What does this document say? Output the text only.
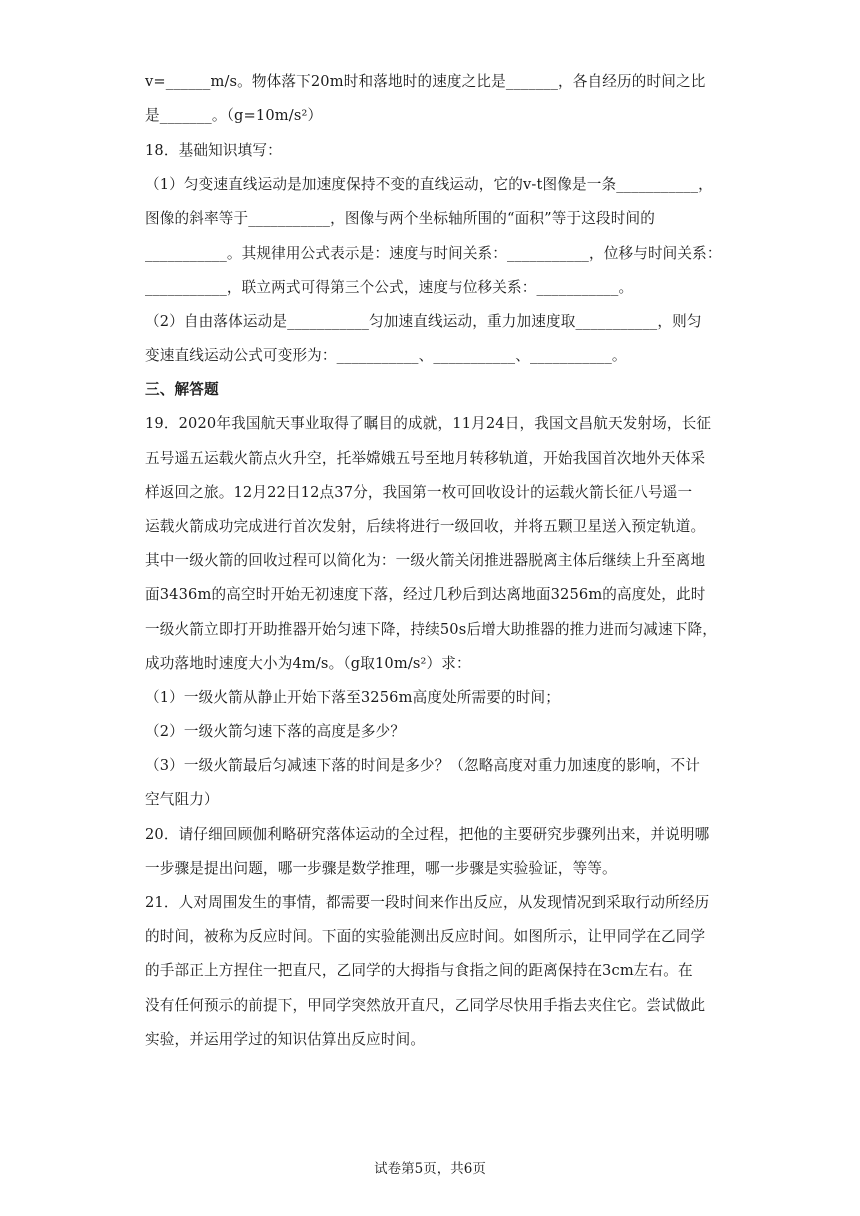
v=______m/s。物体落下20m时和落地时的速度之比是_______，各自经历的时间之比
是_______。（g=10m/s²）
18．基础知识填写：
（1）匀变速直线运动是加速度保持不变的直线运动，它的v-t图像是一条___________，
图像的斜率等于___________，图像与两个坐标轴所围的“面积”等于这段时间的
___________。其规律用公式表示是：速度与时间关系：___________，位移与时间关系：
___________，联立两式可得第三个公式，速度与位移关系：___________。
（2）自由落体运动是___________匀加速直线运动，重力加速度取___________，则匀
变速直线运动公式可变形为：___________、___________、___________。
三、解答题
19．2020年我国航天事业取得了瞩目的成就，11月24日，我国文昌航天发射场，长征
五号遥五运载火箭点火升空，托举嫦娥五号至地月转移轨道，开始我国首次地外天体采
样返回之旅。12月22日12点37分，我国第一枚可回收设计的运载火箭长征八号遥一
运载火箭成功完成进行首次发射，后续将进行一级回收，并将五颗卫星送入预定轨道。
其中一级火箭的回收过程可以简化为：一级火箭关闭推进器脱离主体后继续上升至离地
面3436m的高空时开始无初速度下落，经过几秒后到达离地面3256m的高度处，此时
一级火箭立即打开助推器开始匀速下降，持续50s后增大助推器的推力进而匀减速下降，
成功落地时速度大小为4m/s。（g取10m/s²）求：
（1）一级火箭从静止开始下落至3256m高度处所需要的时间；
（2）一级火箭匀速下落的高度是多少？
（3）一级火箭最后匀减速下落的时间是多少？（忽略高度对重力加速度的影响，不计
空气阻力）
20．请仔细回顾伽利略研究落体运动的全过程，把他的主要研究步骤列出来，并说明哪
一步骤是提出问题，哪一步骤是数学推理，哪一步骤是实验验证，等等。
21．人对周围发生的事情，都需要一段时间来作出反应，从发现情况到采取行动所经历
的时间，被称为反应时间。下面的实验能测出反应时间。如图所示，让甲同学在乙同学
的手部正上方捏住一把直尺，乙同学的大拇指与食指之间的距离保持在3cm左右。在
没有任何预示的前提下，甲同学突然放开直尺，乙同学尽快用手指去夹住它。尝试做此
实验，并运用学过的知识估算出反应时间。
试卷第5页，共6页
